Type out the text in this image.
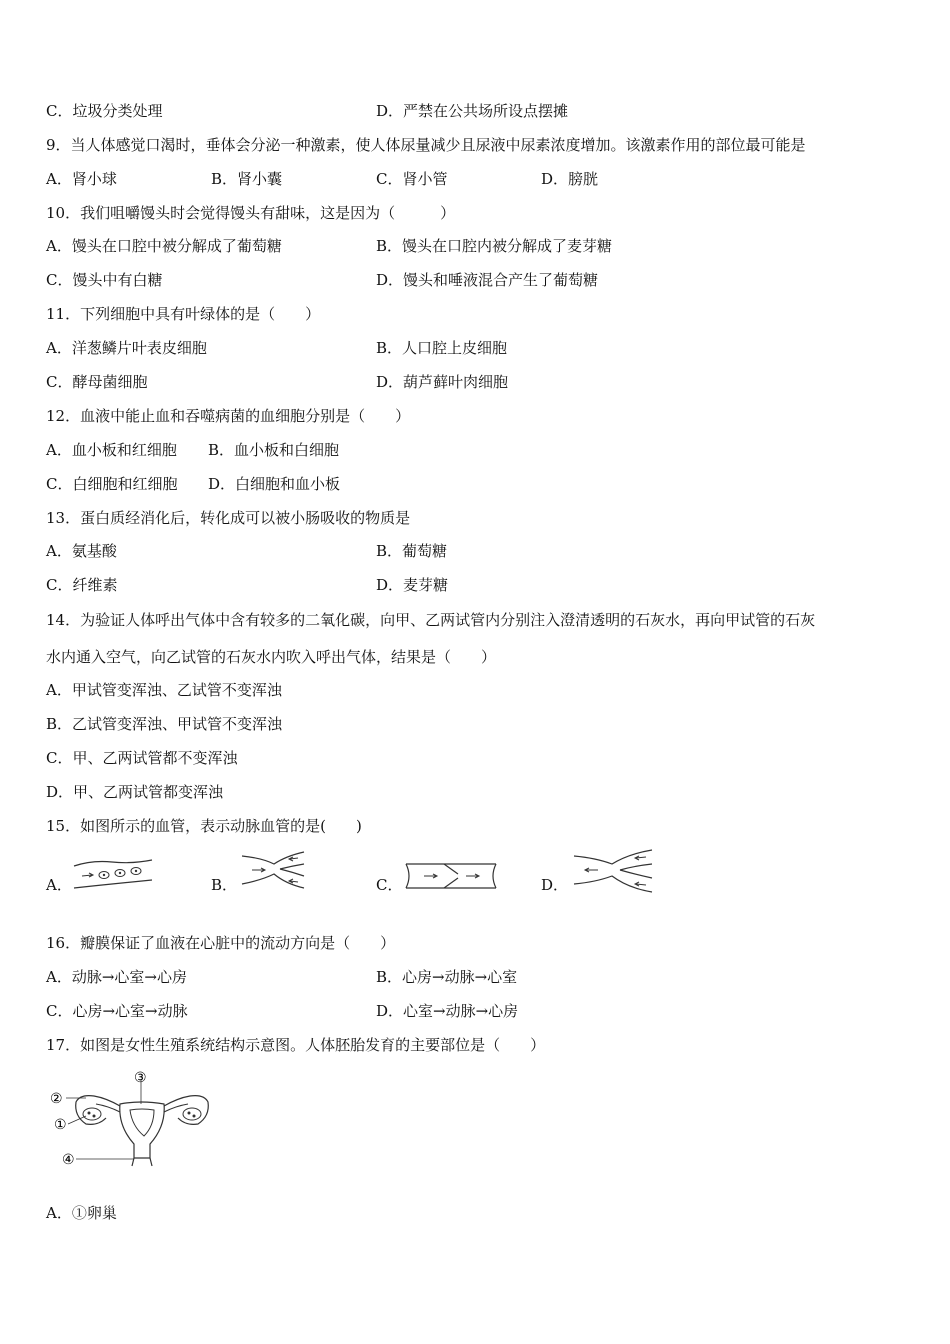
C．垃圾分类处理	D．严禁在公共场所设点摆摊
9．当人体感觉口渴时，垂体会分泌一种激素，使人体尿量减少且尿液中尿素浓度增加。该激素作用的部位最可能是
A．肾小球	B．肾小囊	C．肾小管	D．膀胱
10．我们咀嚼馒头时会觉得馒头有甜味，这是因为（　　　）
A．馒头在口腔中被分解成了葡萄糖	B．馒头在口腔内被分解成了麦芽糖
C．馒头中有白糖	D．馒头和唾液混合产生了葡萄糖
11．下列细胞中具有叶绿体的是（　　）
A．洋葱鳞片叶表皮细胞	B．人口腔上皮细胞
C．酵母菌细胞	D．葫芦藓叶肉细胞
12．血液中能止血和吞噬病菌的血细胞分别是（　　）
A．血小板和红细胞 B．血小板和白细胞
C．白细胞和红细胞 D．白细胞和血小板
13．蛋白质经消化后，转化成可以被小肠吸收的物质是
A．氨基酸	B．葡萄糖
C．纤维素	D．麦芽糖
14．为验证人体呼出气体中含有较多的二氧化碳，向甲、乙两试管内分别注入澄清透明的石灰水，再向甲试管的石灰
水内通入空气，向乙试管的石灰水内吹入呼出气体，结果是（　　）
A．甲试管变浑浊、乙试管不变浑浊
B．乙试管变浑浊、甲试管不变浑浊
C．甲、乙两试管都不变浑浊
D．甲、乙两试管都变浑浊
15．如图所示的血管，表示动脉血管的是(　　)
A．	B．	C．	D．
16．瓣膜保证了血液在心脏中的流动方向是（　　）
A．动脉→心室→心房	B．心房→动脉→心室
C．心房→心室→动脉	D．心室→动脉→心房
17．如图是女性生殖系统结构示意图。人体胚胎发育的主要部位是（　　）
①
②
③
④
A．①卵巢
